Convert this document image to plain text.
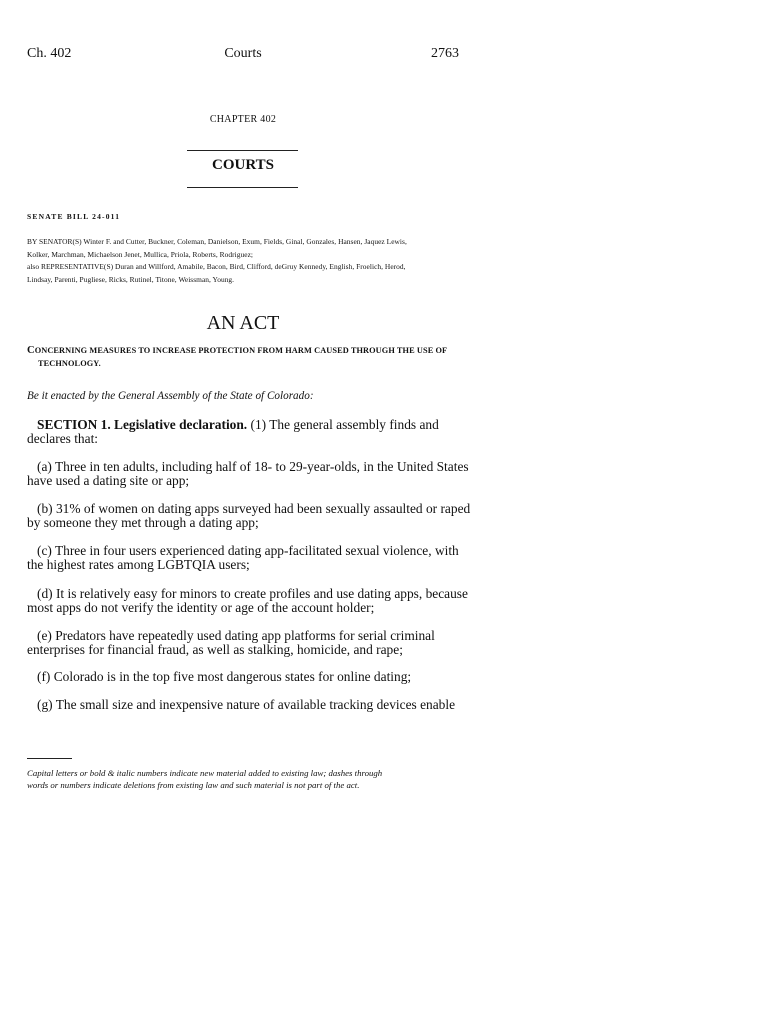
Ch. 402	Courts	2763
CHAPTER 402
COURTS
SENATE BILL 24-011
BY SENATOR(S) Winter F. and Cutter, Buckner, Coleman, Danielson, Exum, Fields, Ginal, Gonzales, Hansen, Jaquez Lewis,
Kolker, Marchman, Michaelson Jenet, Mullica, Priola, Roberts, Rodriguez;
also REPRESENTATIVE(S) Duran and Willford, Amabile, Bacon, Bird, Clifford, deGruy Kennedy, English, Froelich, Herod,
Lindsay, Parenti, Pugliese, Ricks, Rutinel, Titone, Weissman, Young.
AN ACT
CONCERNING MEASURES TO INCREASE PROTECTION FROM HARM CAUSED THROUGH THE USE OF
TECHNOLOGY.
Be it enacted by the General Assembly of the State of Colorado:
SECTION 1. Legislative declaration. (1) The general assembly finds and
declares that:
(a) Three in ten adults, including half of 18- to 29-year-olds, in the United States
have used a dating site or app;
(b) 31% of women on dating apps surveyed had been sexually assaulted or raped
by someone they met through a dating app;
(c) Three in four users experienced dating app-facilitated sexual violence, with
the highest rates among LGBTQIA users;
(d) It is relatively easy for minors to create profiles and use dating apps, because
most apps do not verify the identity or age of the account holder;
(e) Predators have repeatedly used dating app platforms for serial criminal
enterprises for financial fraud, as well as stalking, homicide, and rape;
(f) Colorado is in the top five most dangerous states for online dating;
(g) The small size and inexpensive nature of available tracking devices enable
Capital letters or bold & italic numbers indicate new material added to existing law; dashes through
words or numbers indicate deletions from existing law and such material is not part of the act.
